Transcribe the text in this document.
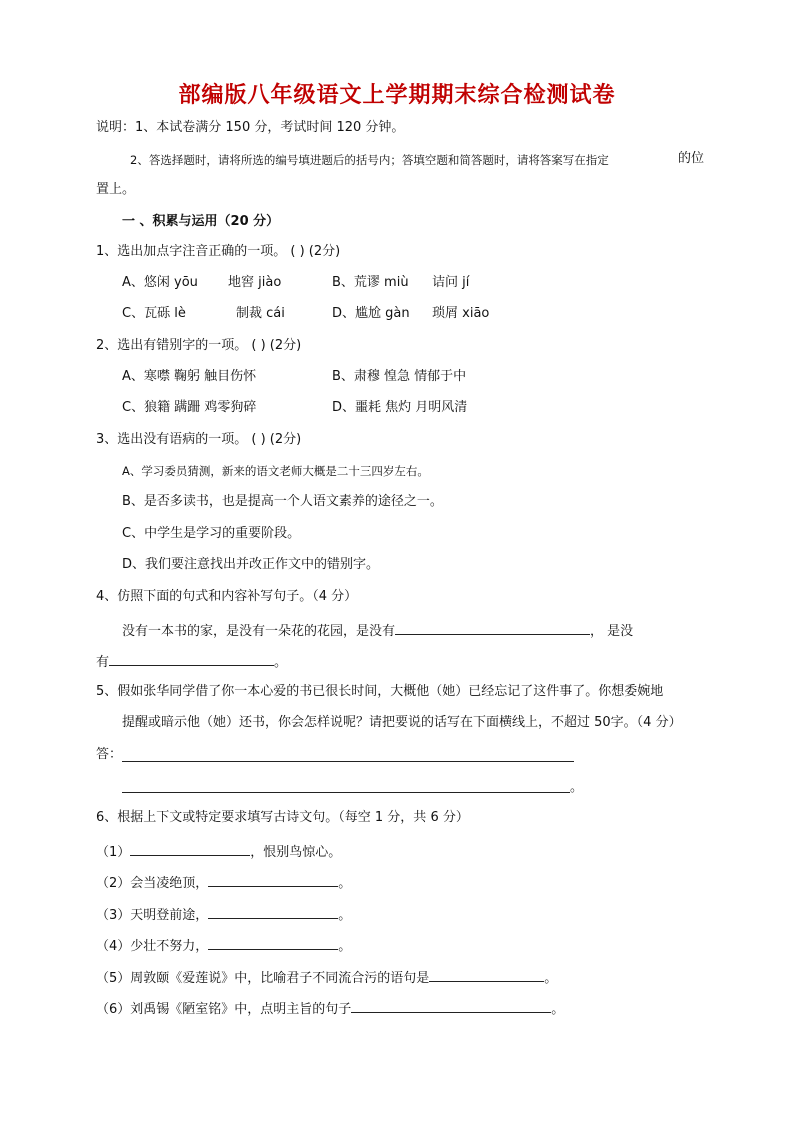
部编版八年级语文上学期期末综合检测试卷
说明：1、本试卷满分 150 分，考试时间 120 分钟。
2、答选择题时，请将所选的编号填进题后的括号内；答填空题和简答题时，请将答案写在指定	的位
置上。
一 、积累与运用（20 分）
1、选出加点字注音正确的一项。 ( ) (2分)
A、悠闲 yōu 地窖 jiào	B、荒谬 miù 诘问 jí
C、瓦砾 lè	制裁 cái	D、尴尬 gàn 琐屑 xiāo
2、选出有错别字的一项。 ( ) (2分)
A、寒噤 鞠躬 触目伤怀	B、肃穆 惶急 情郁于中
C、狼籍 蹒跚 鸡零狗碎	D、噩耗 焦灼 月明风清
3、选出没有语病的一项。 ( ) (2分)
A、学习委员猜测，新来的语文老师大概是二十三四岁左右。
B、是否多读书，也是提高一个人语文素养的途径之一。
C、中学生是学习的重要阶段。
D、我们要注意找出并改正作文中的错别字。
4、仿照下面的句式和内容补写句子。（4 分）
没有一本书的家，是没有一朵花的花园，是没有	， 是没
有	。
5、假如张华同学借了你一本心爱的书已很长时间，大概他（她）已经忘记了这件事了。你想委婉地
提醒或暗示他（她）还书，你会怎样说呢？请把要说的话写在下面横线上，不超过 50字。（4 分）
答：
。
6、根据上下文或特定要求填写古诗文句。（每空 1 分，共 6 分）
（1）	，恨别鸟惊心。
（2）会当凌绝顶，	。
（3）天明登前途，	。
（4）少壮不努力，	。
（5）周敦颐《爱莲说》中，比喻君子不同流合污的语句是	。
（6）刘禹锡《陋室铭》中，点明主旨的句子	。
